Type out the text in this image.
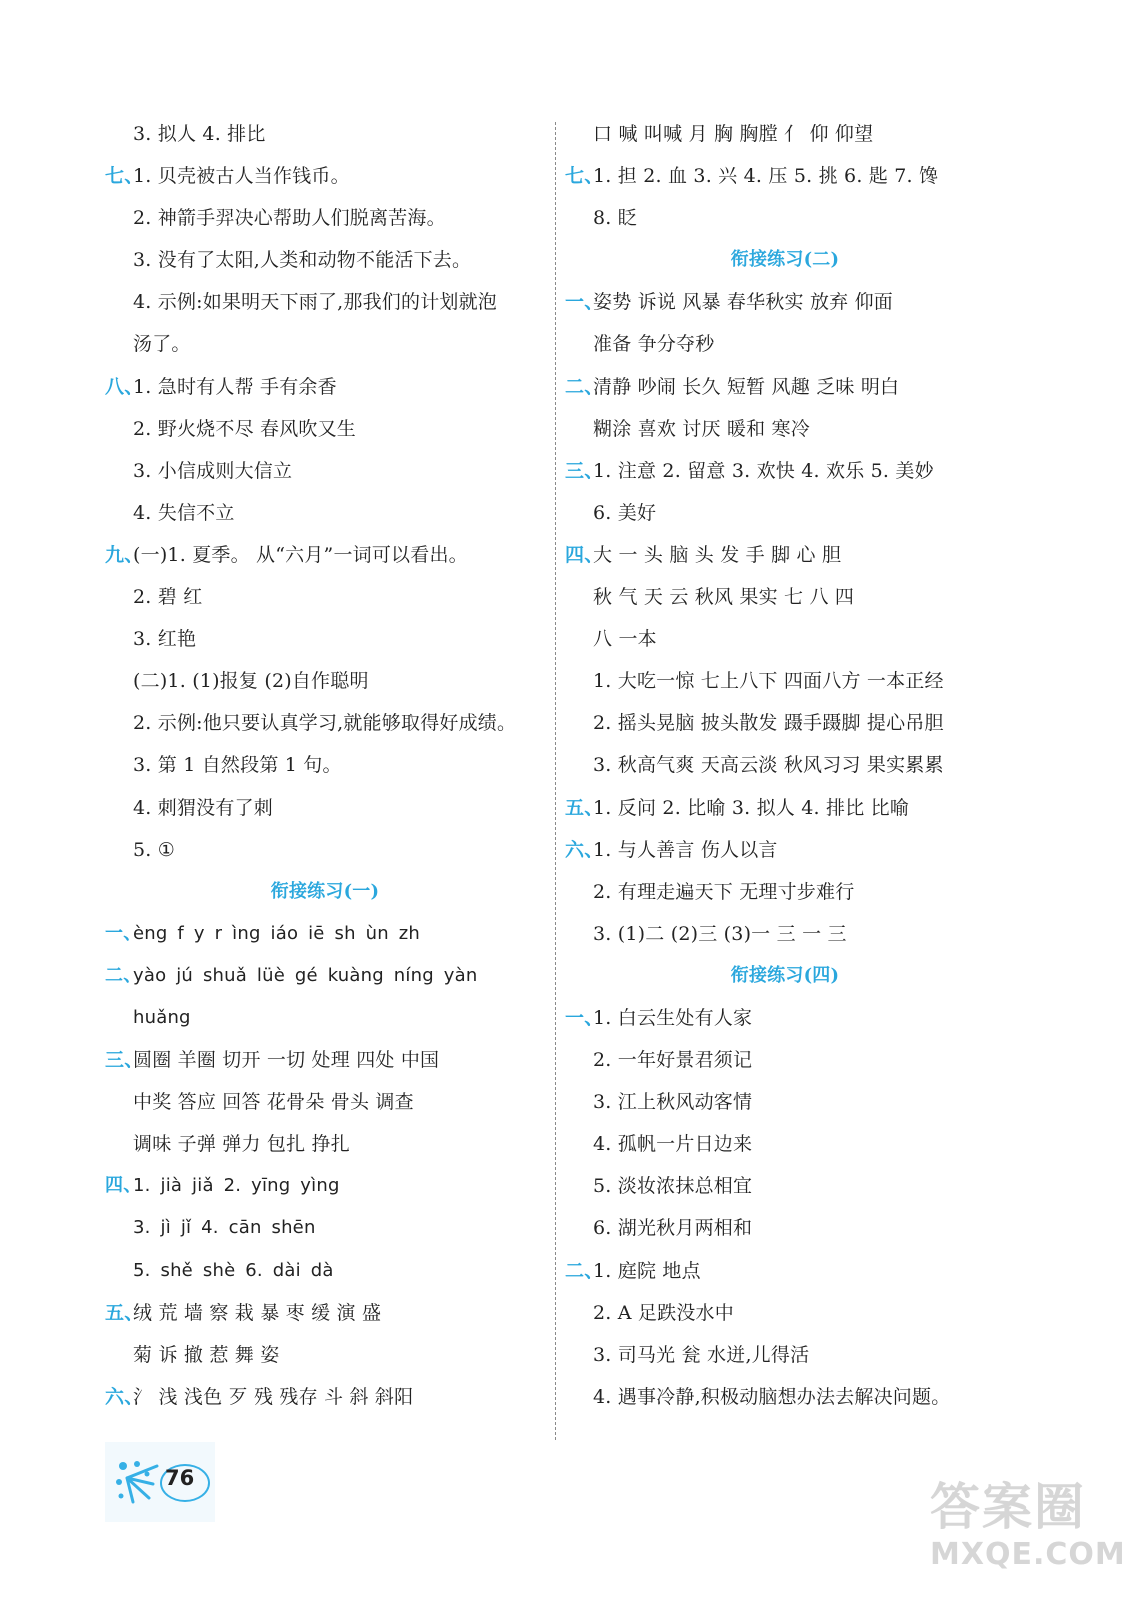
3. 拟人 4. 排比
七、1. 贝壳被古人当作钱币。
2. 神箭手羿决心帮助人们脱离苦海。
3. 没有了太阳,人类和动物不能活下去。
4. 示例:如果明天下雨了,那我们的计划就泡
汤了。
八、1. 急时有人帮 手有余香
2. 野火烧不尽 春风吹又生
3. 小信成则大信立
4. 失信不立
九、(一)1. 夏季。 从“六月”一词可以看出。
2. 碧 红
3. 红艳
(二)1. (1)报复 (2)自作聪明
2. 示例:他只要认真学习,就能够取得好成绩。
3. 第 1 自然段第 1 句。
4. 刺猬没有了刺
5. ①
衔接练习(一)
一、èng f y r ìng iáo iē sh ùn zh
二、yào jú shuǎ lüè gé kuàng níng yàn
huǎng
三、圆圈 羊圈 切开 一切 处理 四处 中国
中奖 答应 回答 花骨朵 骨头 调查
调味 子弹 弹力 包扎 挣扎
四、1. jià jiǎ 2. yīng yìng
3. jì jǐ 4. cān shēn
5. shě shè 6. dài dà
五、绒 荒 墙 察 栽 暴 枣 缓 演 盛
菊 诉 撤 惹 舞 姿
六、氵 浅 浅色 歹 残 残存 斗 斜 斜阳
口 喊 叫喊 月 胸 胸膛 亻 仰 仰望
七、1. 担 2. 血 3. 兴 4. 压 5. 挑 6. 匙 7. 馋
8. 眨
衔接练习(二)
一、姿势 诉说 风暴 春华秋实 放弃 仰面
准备 争分夺秒
二、清静 吵闹 长久 短暂 风趣 乏味 明白
糊涂 喜欢 讨厌 暖和 寒冷
三、1. 注意 2. 留意 3. 欢快 4. 欢乐 5. 美妙
6. 美好
四、大 一 头 脑 头 发 手 脚 心 胆
秋 气 天 云 秋风 果实 七 八 四
八 一本
1. 大吃一惊 七上八下 四面八方 一本正经
2. 摇头晃脑 披头散发 蹑手蹑脚 提心吊胆
3. 秋高气爽 天高云淡 秋风习习 果实累累
五、1. 反问 2. 比喻 3. 拟人 4. 排比 比喻
六、1. 与人善言 伤人以言
2. 有理走遍天下 无理寸步难行
3. (1)二 (2)三 (3)一 三 一 三
衔接练习(四)
一、1. 白云生处有人家
2. 一年好景君须记
3. 江上秋风动客情
4. 孤帆一片日边来
5. 淡妆浓抹总相宜
6. 湖光秋月两相和
二、1. 庭院 地点
2. A 足跌没水中
3. 司马光 瓮 水迸,儿得活
4. 遇事冷静,积极动脑想办法去解决问题。
76	答案圈
MXQE.COM
